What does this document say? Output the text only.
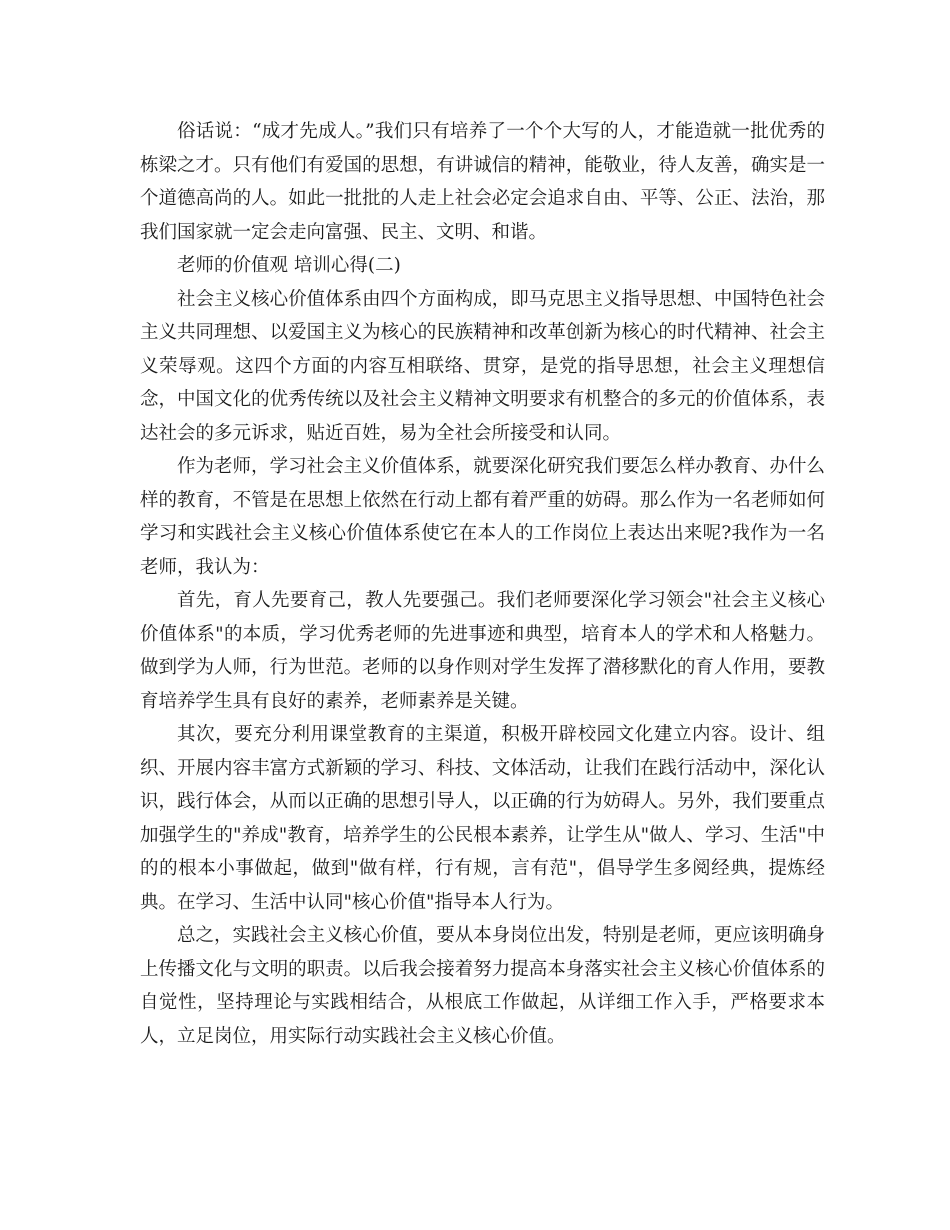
俗话说：“成才先成人。”我们只有培养了一个个大写的人，才能造就一批优秀的栋梁之才。只有他们有爱国的思想，有讲诚信的精神，能敬业，待人友善，确实是一个道德高尚的人。如此一批批的人走上社会必定会追求自由、平等、公正、法治，那我们国家就一定会走向富强、民主、文明、和谐。

老师的价值观 培训心得(二)

社会主义核心价值体系由四个方面构成，即马克思主义指导思想、中国特色社会主义共同理想、以爱国主义为核心的民族精神和改革创新为核心的时代精神、社会主义荣辱观。这四个方面的内容互相联络、贯穿，是党的指导思想，社会主义理想信念，中国文化的优秀传统以及社会主义精神文明要求有机整合的多元的价值体系，表达社会的多元诉求，贴近百姓，易为全社会所接受和认同。

作为老师，学习社会主义价值体系，就要深化研究我们要怎么样办教育、办什么样的教育，不管是在思想上依然在行动上都有着严重的妨碍。那么作为一名老师如何学习和实践社会主义核心价值体系使它在本人的工作岗位上表达出来呢?我作为一名老师，我认为：

首先，育人先要育己，教人先要强己。我们老师要深化学习领会"社会主义核心价值体系"的本质，学习优秀老师的先进事迹和典型，培育本人的学术和人格魅力。做到学为人师，行为世范。老师的以身作则对学生发挥了潜移默化的育人作用，要教育培养学生具有良好的素养，老师素养是关键。

其次，要充分利用课堂教育的主渠道，积极开辟校园文化建立内容。设计、组织、开展内容丰富方式新颖的学习、科技、文体活动，让我们在践行活动中，深化认识，践行体会，从而以正确的思想引导人，以正确的行为妨碍人。另外，我们要重点加强学生的"养成"教育，培养学生的公民根本素养，让学生从"做人、学习、生活"中的的根本小事做起，做到"做有样，行有规，言有范"，倡导学生多阅经典，提炼经典。在学习、生活中认同"核心价值"指导本人行为。

总之，实践社会主义核心价值，要从本身岗位出发，特别是老师，更应该明确身上传播文化与文明的职责。以后我会接着努力提高本身落实社会主义核心价值体系的自觉性，坚持理论与实践相结合，从根底工作做起，从详细工作入手，严格要求本人，立足岗位，用实际行动实践社会主义核心价值。
